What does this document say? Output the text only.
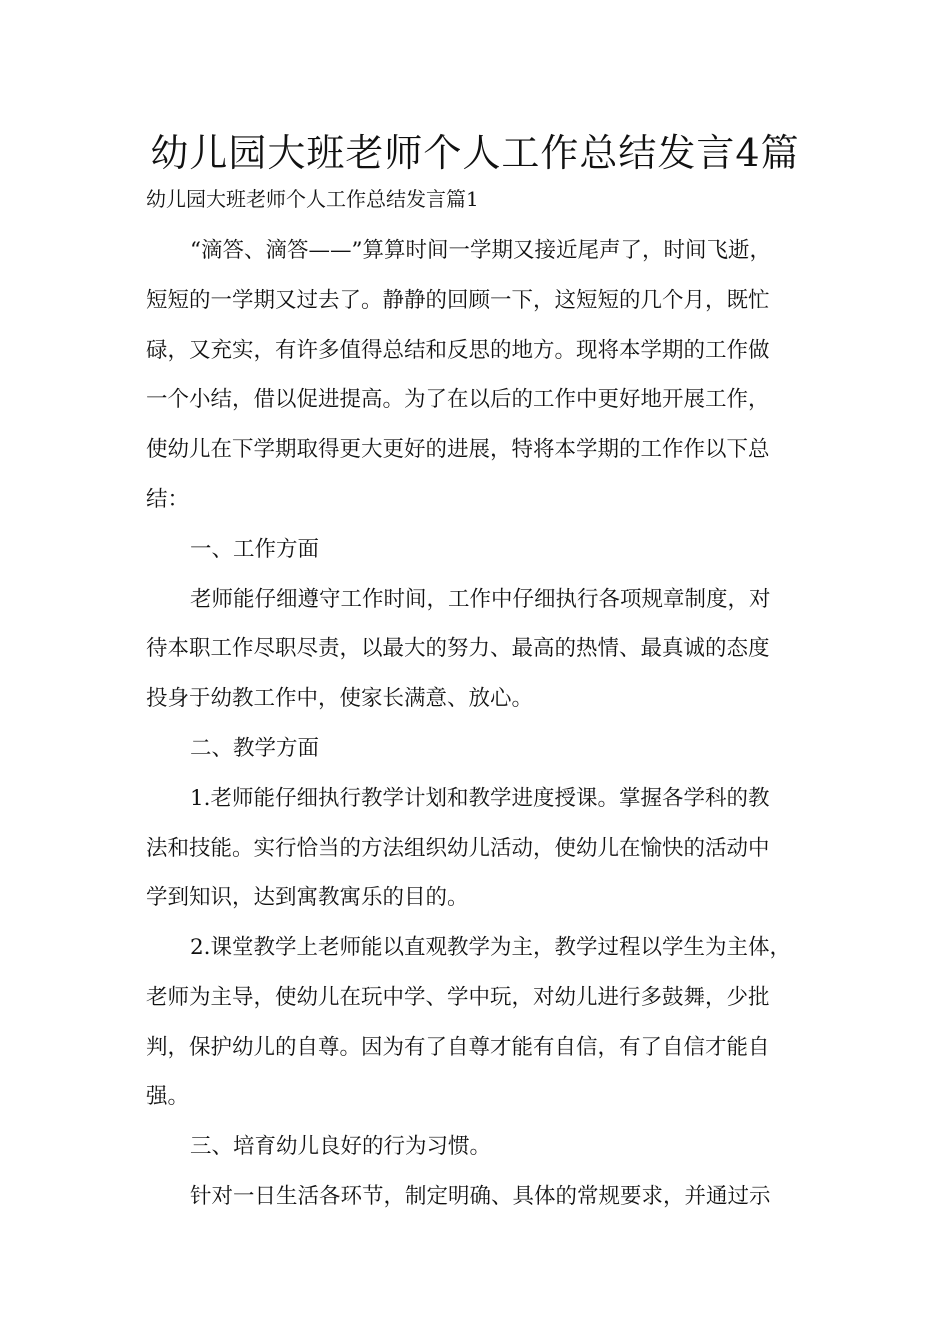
幼儿园大班老师个人工作总结发言4篇
幼儿园大班老师个人工作总结发言篇1
“滴答、滴答——”算算时间一学期又接近尾声了，时间飞逝，
短短的一学期又过去了。静静的回顾一下，这短短的几个月，既忙
碌，又充实，有许多值得总结和反思的地方。现将本学期的工作做
一个小结，借以促进提高。为了在以后的工作中更好地开展工作，
使幼儿在下学期取得更大更好的进展，特将本学期的工作作以下总
结：
一、工作方面
老师能仔细遵守工作时间，工作中仔细执行各项规章制度，对
待本职工作尽职尽责，以最大的努力、最高的热情、最真诚的态度
投身于幼教工作中，使家长满意、放心。
二、教学方面
1.老师能仔细执行教学计划和教学进度授课。掌握各学科的教
法和技能。实行恰当的方法组织幼儿活动，使幼儿在愉快的活动中
学到知识，达到寓教寓乐的目的。
2.课堂教学上老师能以直观教学为主，教学过程以学生为主体，
老师为主导，使幼儿在玩中学、学中玩，对幼儿进行多鼓舞，少批
判，保护幼儿的自尊。因为有了自尊才能有自信，有了自信才能自
强。
三、培育幼儿良好的行为习惯。
针对一日生活各环节，制定明确、具体的常规要求，并通过示
